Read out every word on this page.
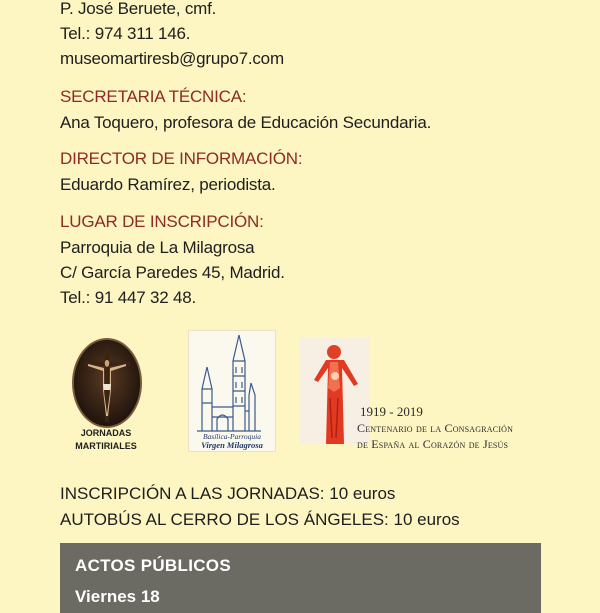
P. José Beruete, cmf.
Tel.: 974 311 146.
museomartiresb@grupo7.com
SECRETARIA TÉCNICA:
Ana Toquero, profesora de Educación Secundaria.
DIRECTOR DE INFORMACIÓN:
Eduardo Ramírez, periodista.
LUGAR DE INSCRIPCIÓN:
Parroquia de La Milagrosa
C/ García Paredes 45, Madrid.
Tel.: 91 447 32 48.
JORNADAS
MARTIRIALES
Basílica-Parroquia
Virgen Milagrosa
1919 - 2019
Centenario de la Consagración
de España al Corazón de Jesús
INSCRIPCIÓN A LAS JORNADAS: 10 euros
AUTOBÚS AL CERRO DE LOS ÁNGELES: 10 euros
ACTOS PÚBLICOS
Viernes 18
